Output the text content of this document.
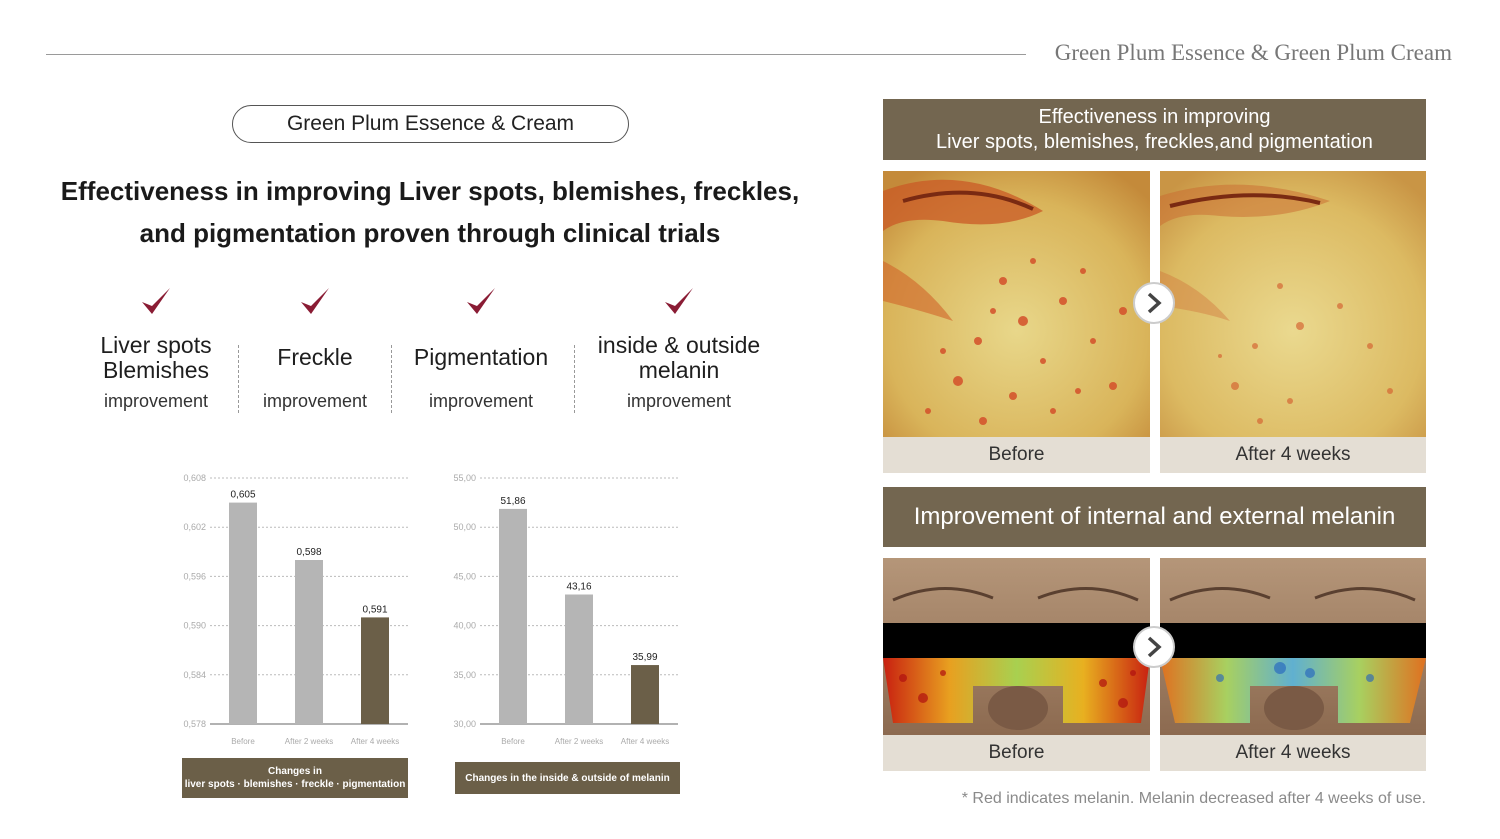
Green Plum Essence & Green Plum Cream
Green Plum Essence & Cream
Effectiveness in improving Liver spots, blemishes, freckles,
and pigmentation proven through clinical trials
Liver spots
Blemishes
improvement
Freckle
improvement
Pigmentation
improvement
inside & outside
melanin
improvement
0,578
0,584
0,590
0,596
0,602
0,608
0,605
Before
0,598
After 2 weeks
0,591
After 4 weeks
Changes in
liver spots · blemishes · freckle · pigmentation
30,00
35,00
40,00
45,00
50,00
55,00
51,86
Before
43,16
After 2 weeks
35,99
After 4 weeks
Changes in the inside & outside of melanin
Effectiveness in improving
Liver spots, blemishes, freckles,and pigmentation
Before	After 4 weeks
Improvement of internal and external melanin
Before	After 4 weeks
* Red indicates melanin. Melanin decreased after 4 weeks of use.
